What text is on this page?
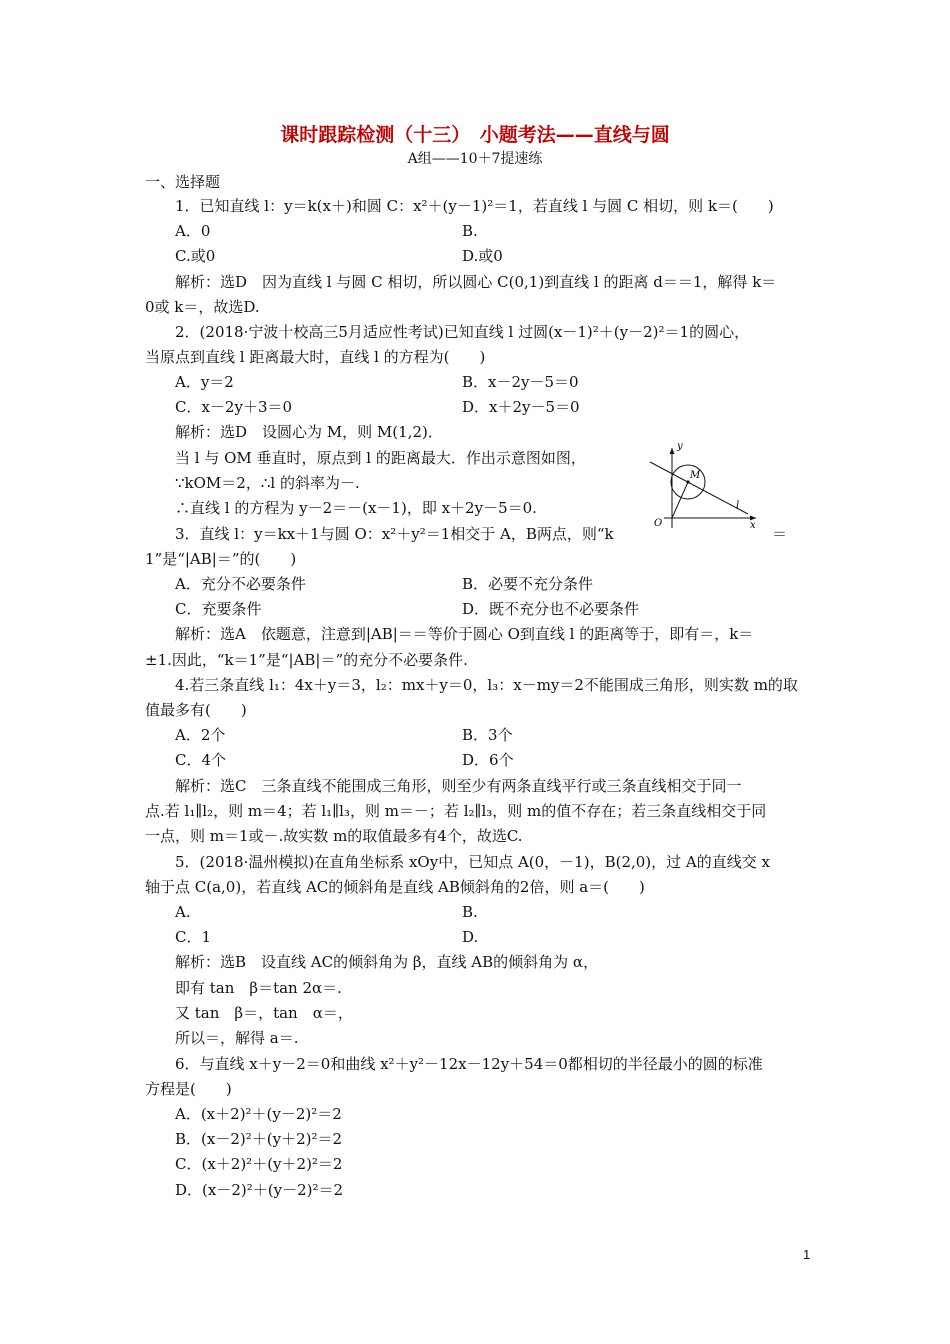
课时跟踪检测（十三）　小题考法——直线与圆
A组——10＋7提速练
一、选择题
1．已知直线 l：y＝k(x＋)和圆 C：x²＋(y－1)²＝1，若直线 l 与圆 C 相切，则 k＝(　　)
A．0	B.
C.或0	D.或0
解析：选D　因为直线 l 与圆 C 相切，所以圆心 C(0,1)到直线 l 的距离 d＝＝1，解得 k＝
0或 k＝，故选D.
2．(2018·宁波十校高三5月适应性考试)已知直线 l 过圆(x－1)²＋(y－2)²＝1的圆心，
当原点到直线 l 距离最大时，直线 l 的方程为(　　)
A．y＝2	B．x－2y－5＝0
C．x－2y＋3＝0	D．x＋2y－5＝0
解析：选D　设圆心为 M，则 M(1,2)．
当 l 与 OM 垂直时，原点到 l 的距离最大．作出示意图如图，
∵kOM＝2，∴l 的斜率为－.
∴直线 l 的方程为 y－2＝－(x－1)，即 x＋2y－5＝0.
3．直线 l：y＝kx＋1与圆 O：x²＋y²＝1相交于 A，B两点，则“k
1”是“|AB|＝”的(　　)
A．充分不必要条件	B．必要不充分条件
C．充要条件	D．既不充分也不必要条件
解析：选A　依题意，注意到|AB|＝＝等价于圆心 O到直线 l 的距离等于，即有＝，k＝
±1.因此，“k＝1”是“|AB|＝”的充分不必要条件.
4.若三条直线 l₁：4x＋y＝3，l₂：mx＋y＝0，l₃：x－my＝2不能围成三角形，则实数 m的取
值最多有(　　)
A．2个	B．3个
C．4个	D．6个
解析：选C　三条直线不能围成三角形，则至少有两条直线平行或三条直线相交于同一
点.若 l₁∥l₂，则 m＝4；若 l₁∥l₃，则 m＝－；若 l₂∥l₃，则 m的值不存在；若三条直线相交于同
一点，则 m＝1或－.故实数 m的取值最多有4个，故选C.
5．(2018·温州模拟)在直角坐标系 xOy中，已知点 A(0，－1)，B(2,0)，过 A的直线交 x
轴于点 C(a,0)，若直线 AC的倾斜角是直线 AB倾斜角的2倍，则 a＝(　　)
A.	B.
C．1	D.
解析：选B　设直线 AC的倾斜角为 β，直线 AB的倾斜角为 α，
即有 tan　β＝tan 2α＝.
又 tan　β＝，tan　α＝，
所以＝，解得 a＝.
6．与直线 x＋y－2＝0和曲线 x²＋y²－12x－12y＋54＝0都相切的半径最小的圆的标准
方程是(　　)
A．(x＋2)²＋(y－2)²＝2
B．(x－2)²＋(y＋2)²＝2
C．(x＋2)²＋(y＋2)²＝2
D．(x－2)²＋(y－2)²＝2
＝
y
x
O
M
l
1
